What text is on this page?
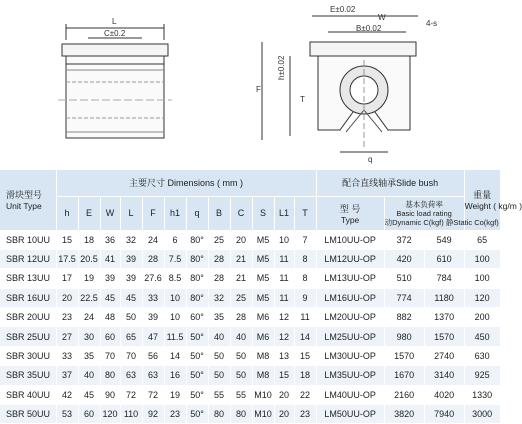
L
C±0.2
E±0.02
W
4-s
B±0.02
F
h±0.02
T
q
滑块型号
Unit Type	主要尺寸 Dimensions ( mm )												配合直线轴承Slide bush			重量
Weight ( kg/m )

	h	E	W	L	F	h1	q	B	C	S	L1	T	型 号
Type	基本负荷率
Basic load rating
动Dynamic C(kgf) 静Static Co(kgf)		

SBR 10UU	15	18	36	32	24	6	80°	25	20	M5	10	7	LM10UU-OP	372	549	65
SBR 12UU	17.5	20.5	41	39	28	7.5	80°	28	21	M5	11	8	LM12UU-OP	420	610	100
SBR 13UU	17	19	39	39	27.6	8.5	80°	28	21	M5	11	8	LM13UU-OP	510	784	100
SBR 16UU	20	22.5	45	45	33	10	80°	32	25	M5	11	9	LM16UU-OP	774	1180	120
SBR 20UU	23	24	48	50	39	10	60°	35	28	M6	12	11	LM20UU-OP	882	1370	200
SBR 25UU	27	30	60	65	47	11.5	50°	40	40	M6	12	14	LM25UU-OP	980	1570	450
SBR 30UU	33	35	70	70	56	14	50°	50	50	M8	13	15	LM30UU-OP	1570	2740	630
SBR 35UU	37	40	80	63	63	16	50°	50	50	M8	15	18	LM35UU-OP	1670	3140	925
SBR 40UU	42	45	90	72	72	19	50°	55	55	M10	20	22	LM40UU-OP	2160	4020	1330
SBR 50UU	53	60	120	110	92	23	50°	80	80	M10	20	23	LM50UU-OP	3820	7940	3000
